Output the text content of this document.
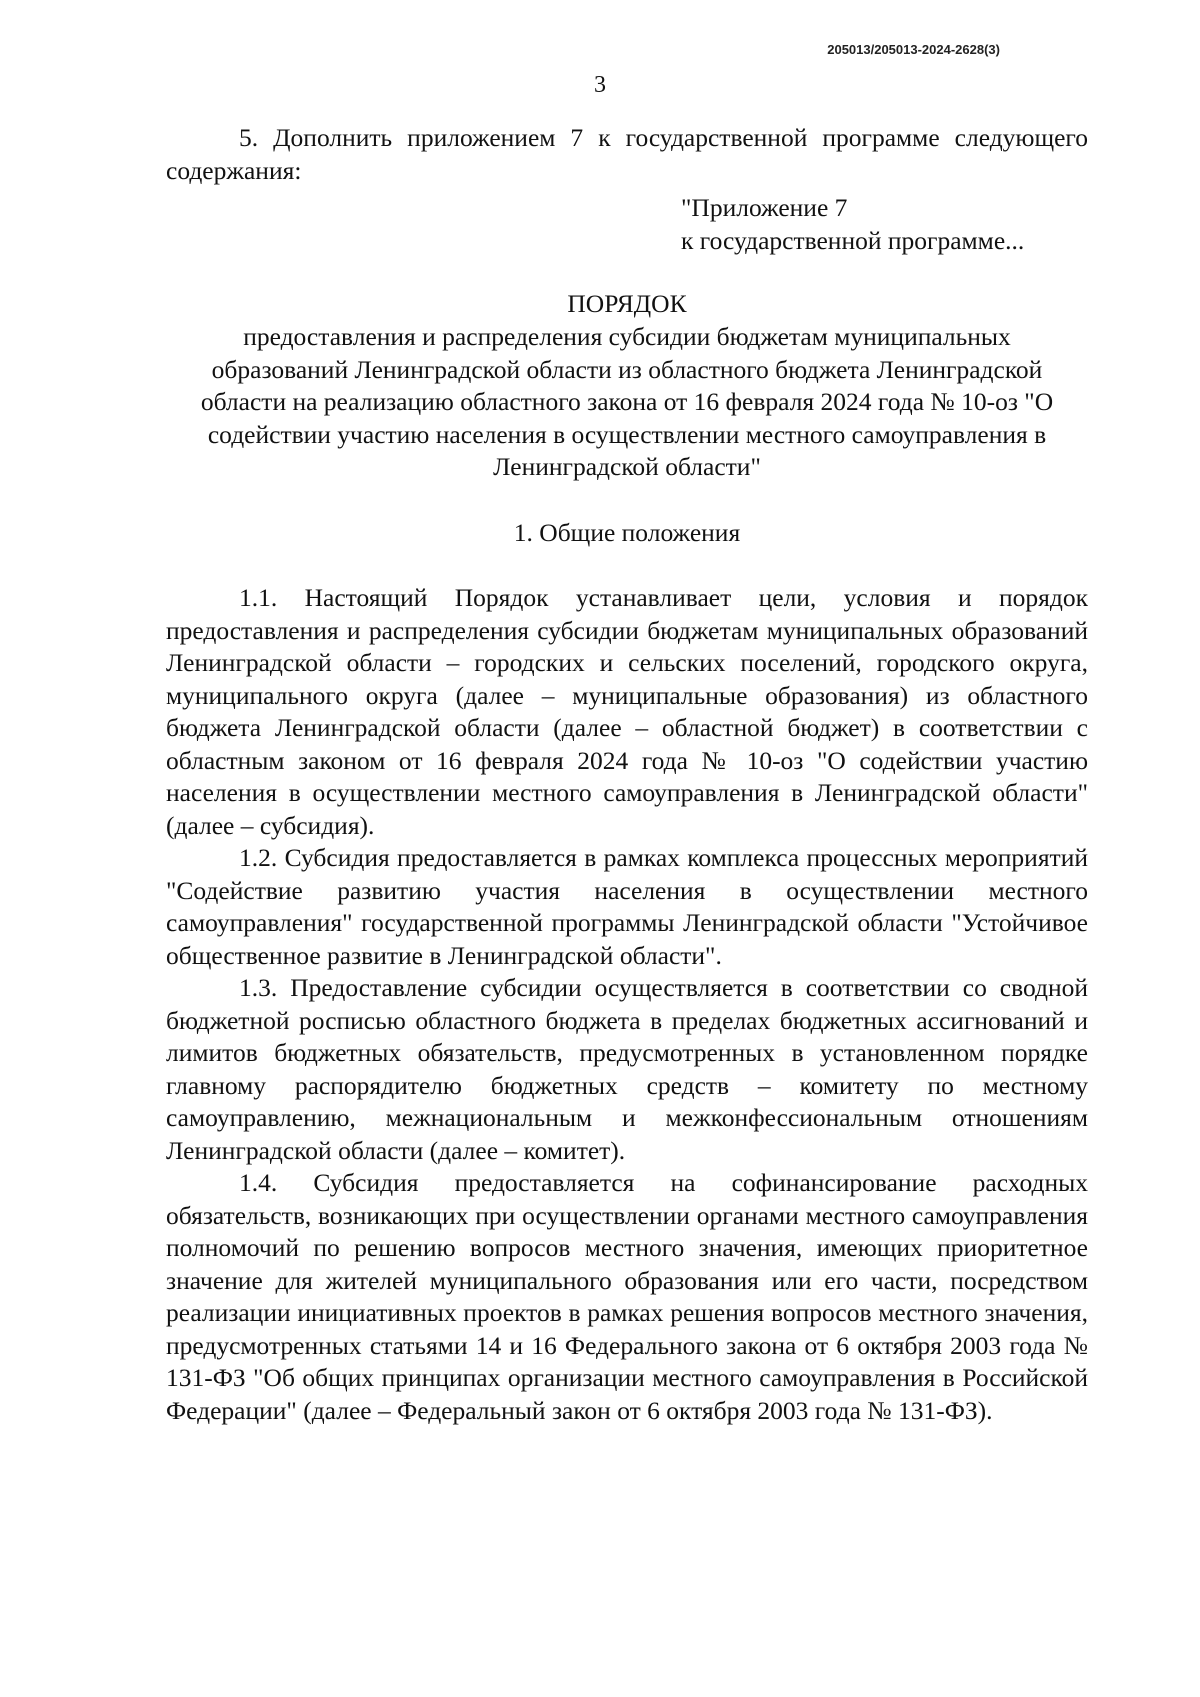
205013/205013-2024-2628(3)
3

5. Дополнить приложением 7 к государственной программе следующего содержания:

"Приложение 7
к государственной программе...
ПОРЯДОК
предоставления и распределения субсидии бюджетам муниципальных образований Ленинградской области из областного бюджета Ленинградской области на реализацию областного закона от 16 февраля 2024 года № 10-оз "О содействии участию населения в осуществлении местного самоуправления в Ленинградской области"
1. Общие положения

1.1. Настоящий Порядок устанавливает цели, условия и порядок предоставления и распределения субсидии бюджетам муниципальных образований Ленинградской области – городских и сельских поселений, городского округа, муниципального округа (далее – муниципальные образования) из областного бюджета Ленинградской области (далее – областной бюджет) в соответствии с областным законом от 16 февраля 2024 года № 10-оз "О содействии участию населения в осуществлении местного самоуправления в Ленинградской области" (далее – субсидия).

1.2. Субсидия предоставляется в рамках комплекса процессных мероприятий "Содействие развитию участия населения в осуществлении местного самоуправления" государственной программы Ленинградской области "Устойчивое общественное развитие в Ленинградской области".

1.3. Предоставление субсидии осуществляется в соответствии со сводной бюджетной росписью областного бюджета в пределах бюджетных ассигнований и лимитов бюджетных обязательств, предусмотренных в установленном порядке главному распорядителю бюджетных средств – комитету по местному самоуправлению, межнациональным и межконфессиональным отношениям Ленинградской области (далее – комитет).

1.4. Субсидия предоставляется на софинансирование расходных обязательств, возникающих при осуществлении органами местного самоуправления полномочий по решению вопросов местного значения, имеющих приоритетное значение для жителей муниципального образования или его части, посредством реализации инициативных проектов в рамках решения вопросов местного значения, предусмотренных статьями 14 и 16 Федерального закона от 6 октября 2003 года № 131-ФЗ "Об общих принципах организации местного самоуправления в Российской Федерации" (далее – Федеральный закон от 6 октября 2003 года № 131-ФЗ).
